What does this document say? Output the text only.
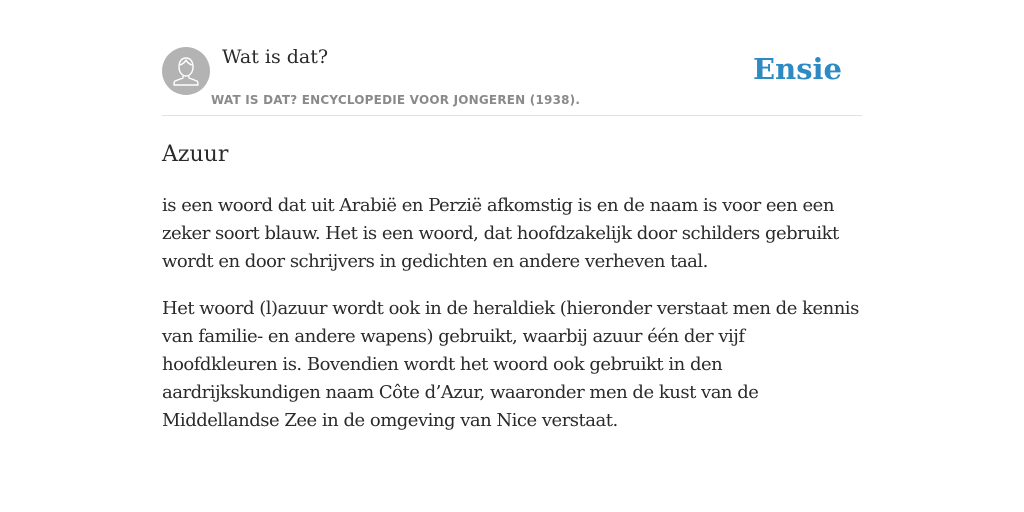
Wat is dat?
WAT IS DAT? ENCYCLOPEDIE VOOR JONGEREN (1938).
Ensie
Azuur

is een woord dat uit Arabië en Perzië afkomstig is en de naam is voor een een zeker soort blauw. Het is een woord, dat hoofdzakelijk door schilders gebruikt wordt en door schrijvers in gedichten en andere verheven taal.

Het woord (l)azuur wordt ook in de heraldiek (hieronder verstaat men de kennis van familie- en andere wapens) gebruikt, waarbij azuur één der vijf hoofdkleuren is. Bovendien wordt het woord ook gebruikt in den aardrijkskundigen naam Côte d’Azur, waaronder men de kust van de Middellandse Zee in de omgeving van Nice verstaat.
